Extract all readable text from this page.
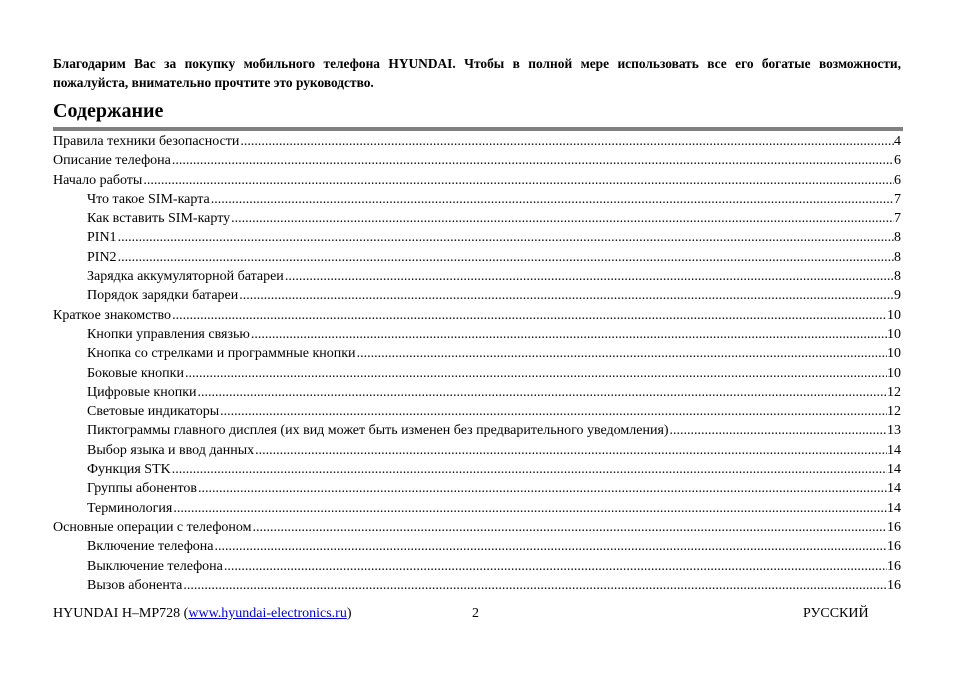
Благодарим Вас за покупку мобильного телефона HYUNDAI. Чтобы в полной мере использовать все его богатые возможности, пожалуйста, внимательно прочтите это руководство.
Содержание
Правила техники безопасности .....	4
Описание телефона .....	6
Начало работы .....	6
Что такое SIM-карта .....	7
Как вставить SIM-карту .....	7
PIN1 .....	8
PIN2 .....	8
Зарядка аккумуляторной батареи .....	8
Порядок зарядки батареи .....	9
Краткое знакомство .....	10
Кнопки управления связью .....	10
Кнопка со стрелками и программные кнопки .....	10
Боковые кнопки .....	10
Цифровые кнопки .....	12
Световые индикаторы .....	12
Пиктограммы главного дисплея (их вид может быть изменен без предварительного уведомления) .....	13
Выбор языка и ввод данных .....	14
Функция STK .....	14
Группы абонентов .....	14
Терминология .....	14
Основные операции с телефоном .....	16
Включение телефона .....	16
Выключение телефона .....	16
Вызов абонента .....	16
HYUNDAI H–MP728 (www.hyundai-electronics.ru)	2	РУССКИЙ
